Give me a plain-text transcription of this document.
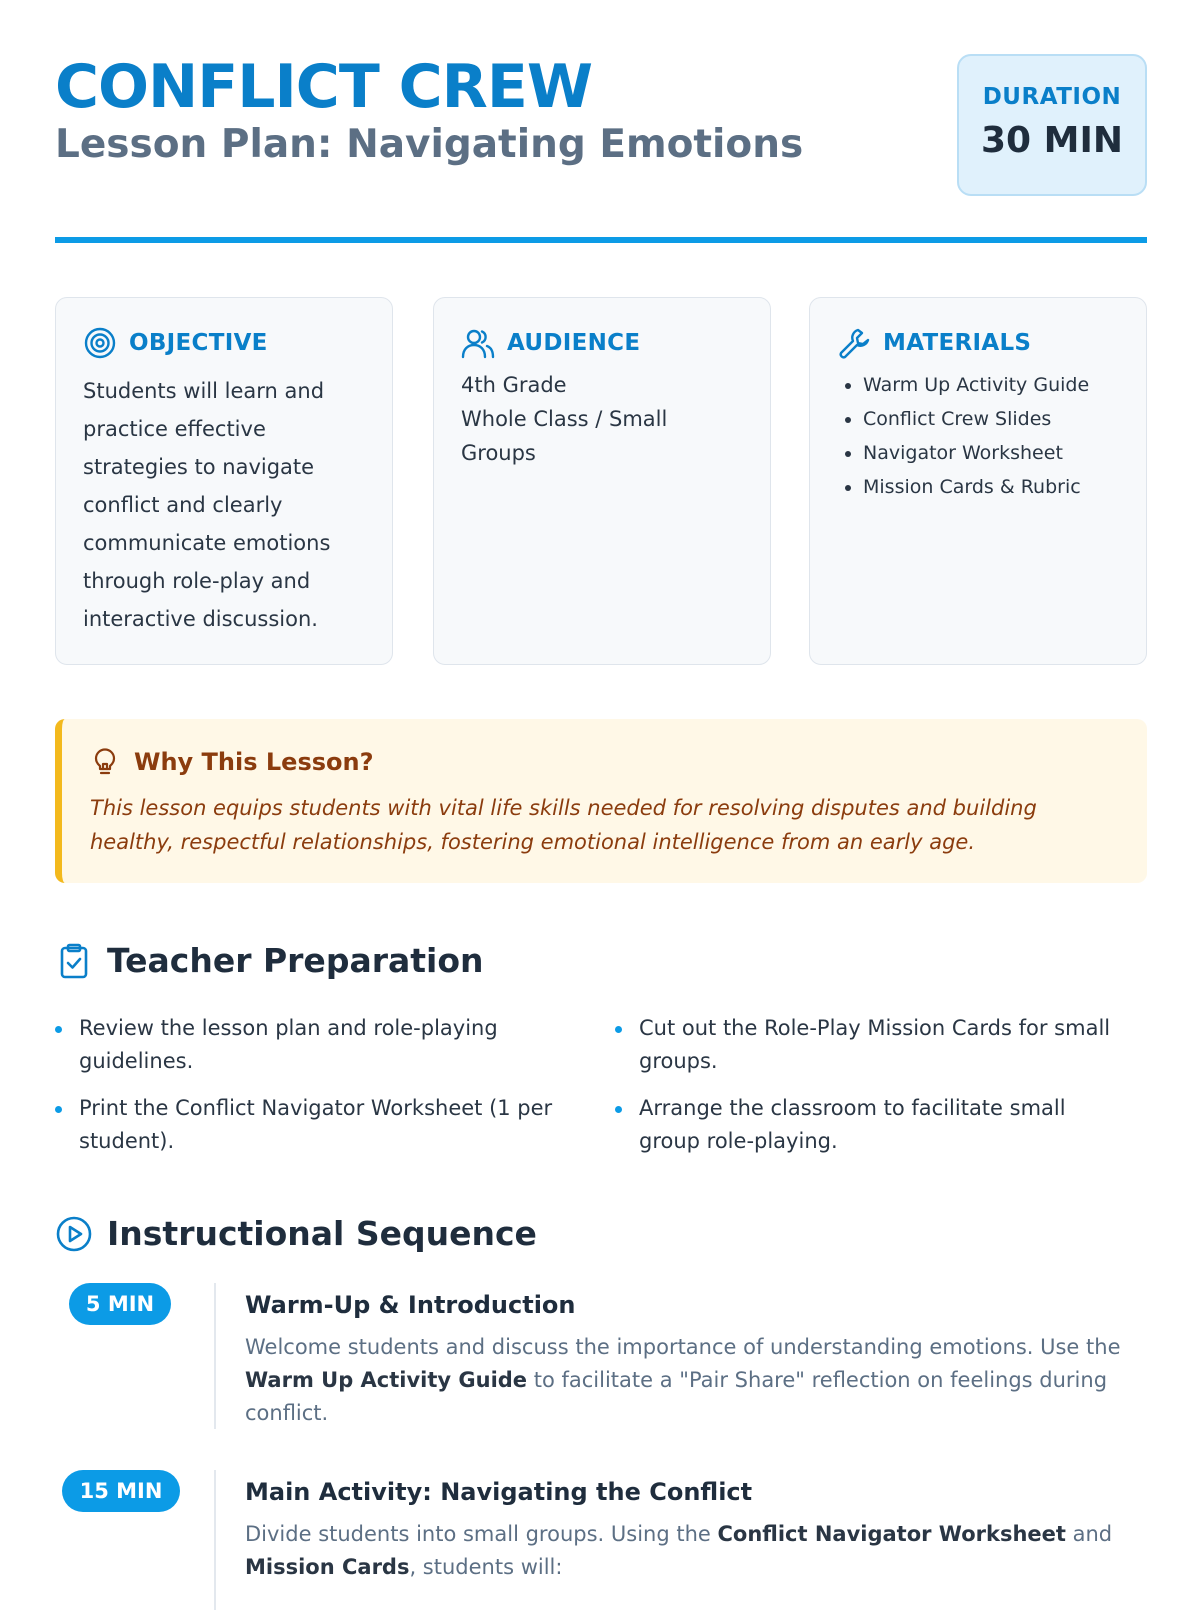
CONFLICT CREW
Lesson Plan: Navigating Emotions
DURATION
30 MIN
OBJECTIVE
Students will learn and practice effective strategies to navigate conflict and clearly communicate emotions through role-play and interactive discussion.
AUDIENCE
4th Grade
Whole Class / Small Groups
MATERIALS
• Warm Up Activity Guide
• Conflict Crew Slides
• Navigator Worksheet
• Mission Cards & Rubric
Why This Lesson?
This lesson equips students with vital life skills needed for resolving disputes and building healthy, respectful relationships, fostering emotional intelligence from an early age.
Teacher Preparation
Review the lesson plan and role-playing guidelines.
Cut out the Role-Play Mission Cards for small groups.
Print the Conflict Navigator Worksheet (1 per student).
Arrange the classroom to facilitate small group role-playing.
Instructional Sequence
5 MIN	Warm-Up & Introduction
Welcome students and discuss the importance of understanding emotions. Use the Warm Up Activity Guide to facilitate a "Pair Share" reflection on feelings during conflict.
15 MIN	Main Activity: Navigating the Conflict
Divide students into small groups. Using the Conflict Navigator Worksheet and Mission Cards, students will:
